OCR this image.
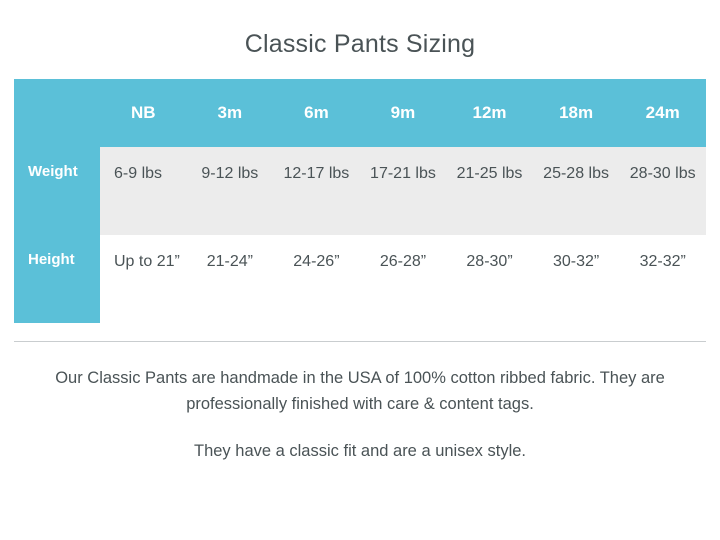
Classic Pants Sizing
	NB	3m	6m	9m	12m	18m	24m
Weight	6-9 lbs	9-12 lbs	12-17 lbs	17-21 lbs	21-25 lbs	25-28 lbs	28-30 lbs
Height	Up to 21”	21-24”	24-26”	26-28”	28-30”	30-32”	32-32”
Our Classic Pants are handmade in the USA of 100% cotton ribbed fabric. They are professionally finished with care & content tags.
They have a classic fit and are a unisex style.
